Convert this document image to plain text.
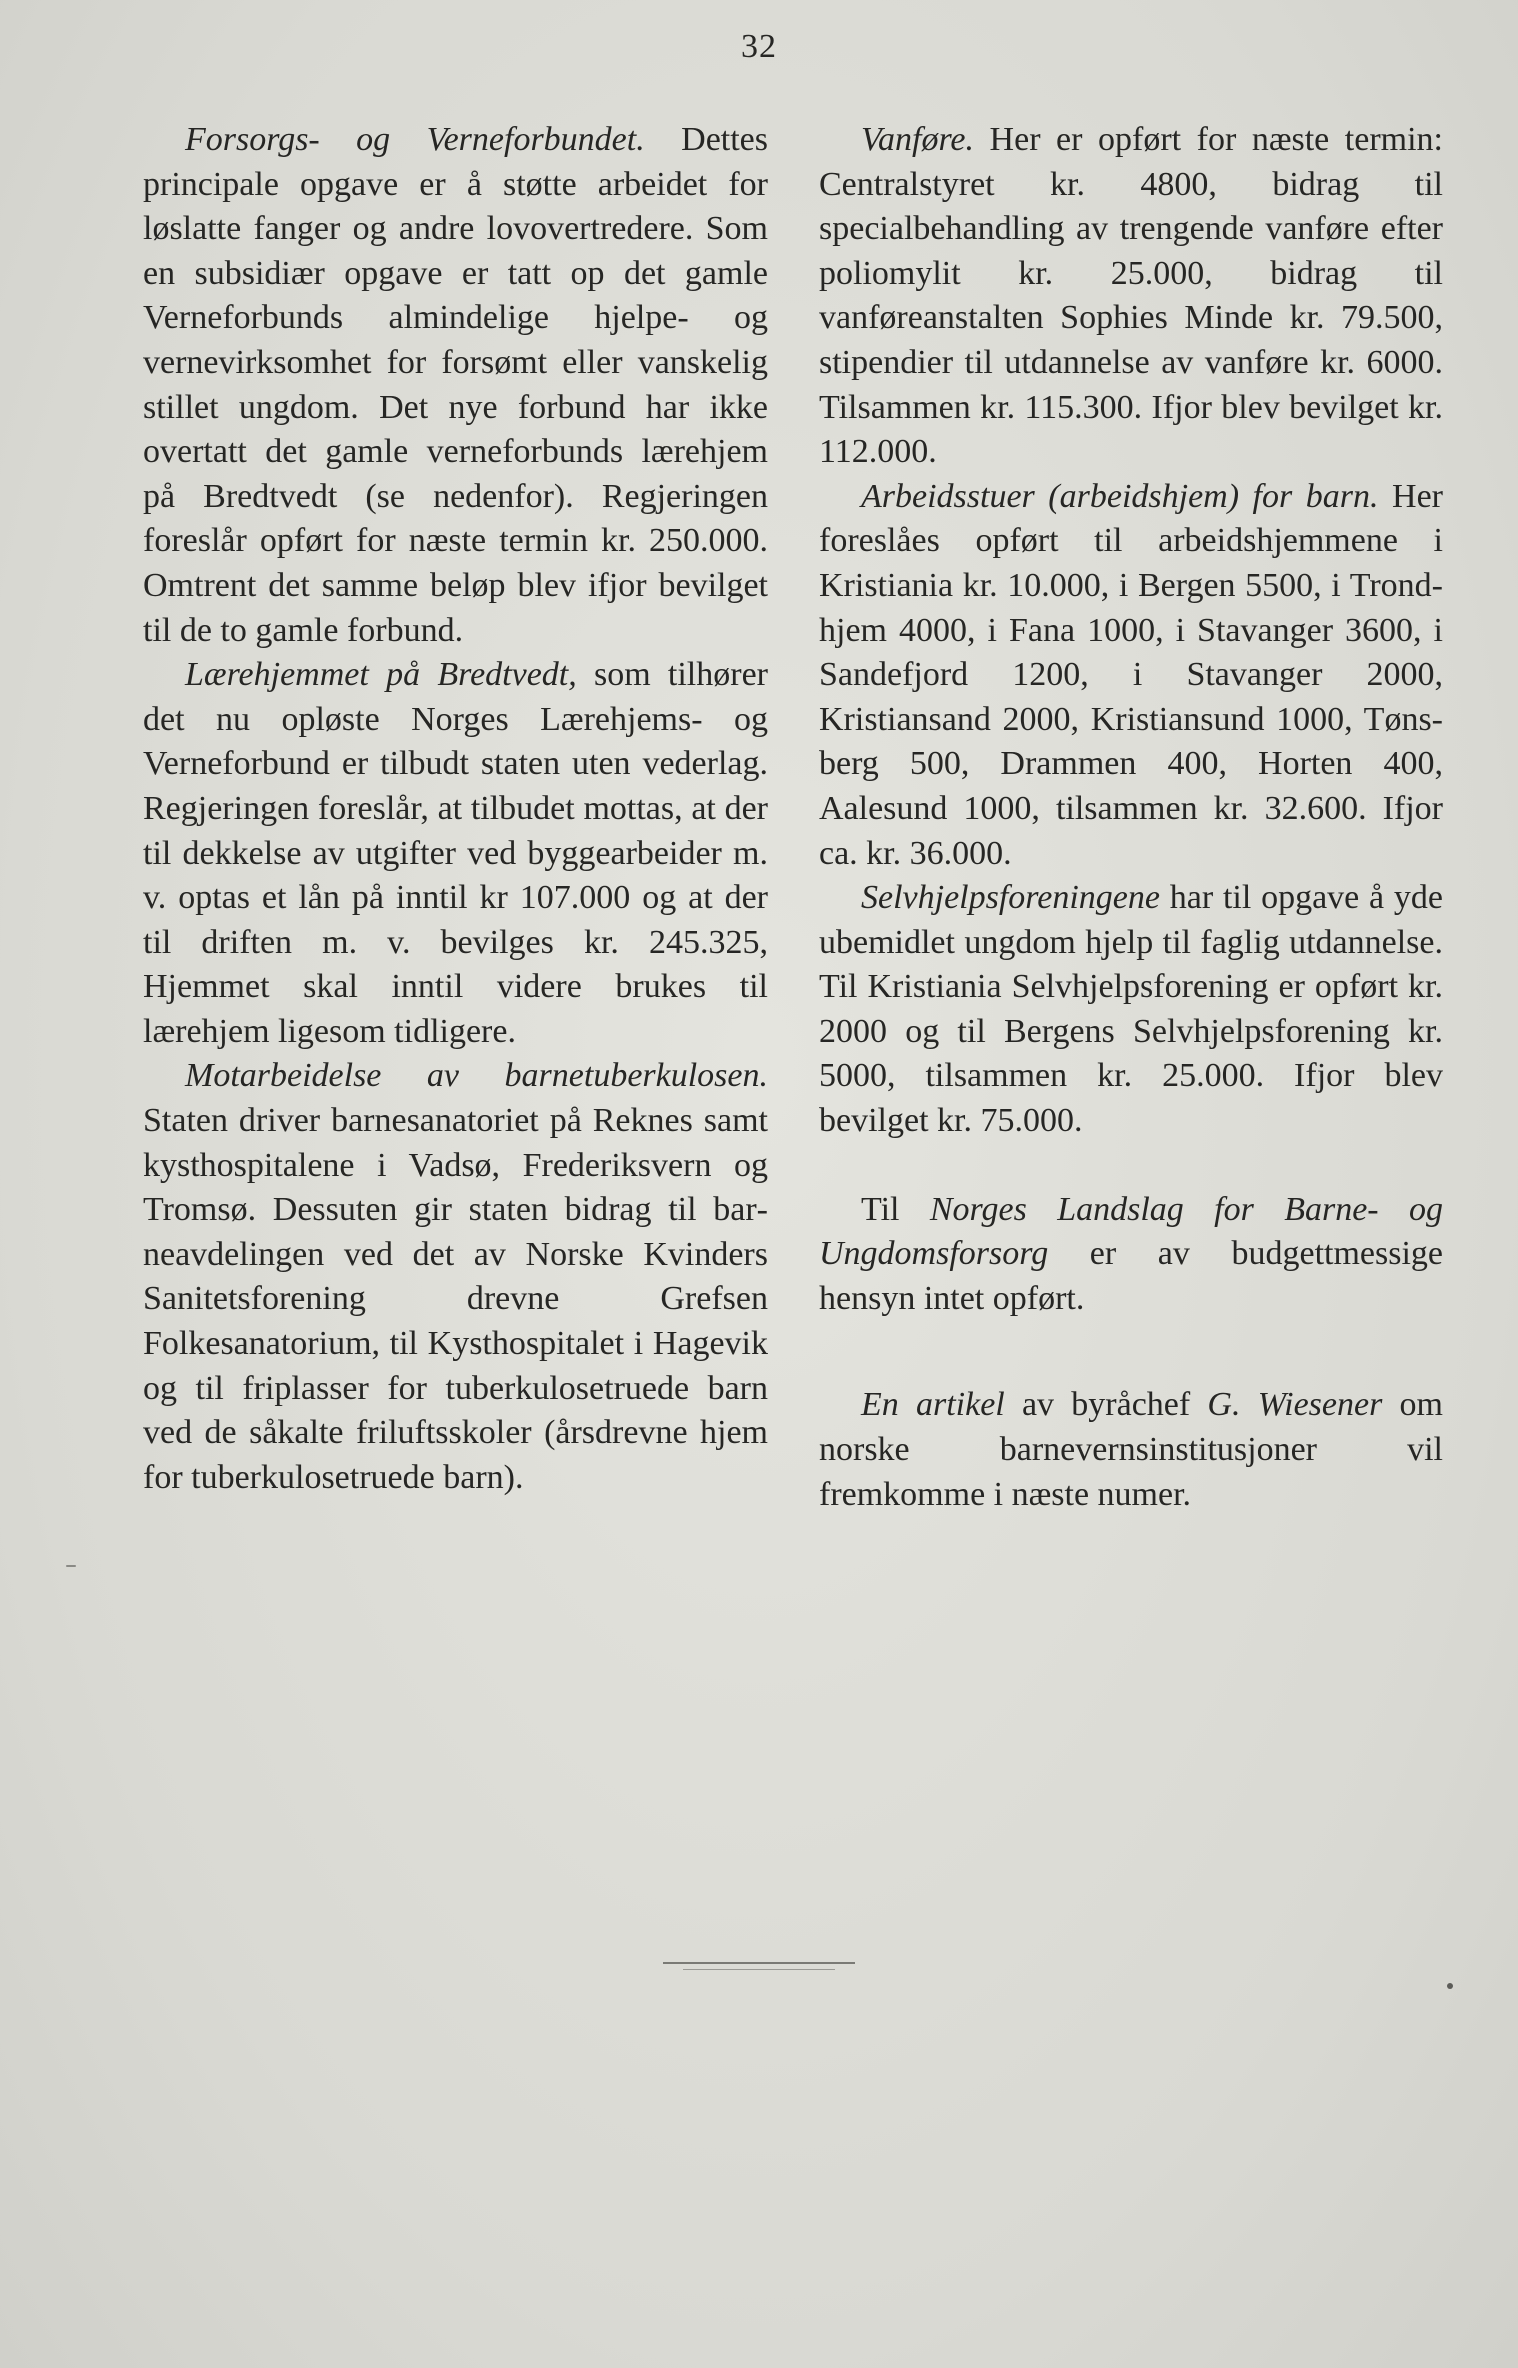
32

Forsorgs- og Verneforbundet. Dettes principale opgave er å støtte arbeidet for løslatte fanger og andre lovovertredere. Som en subsidiær opgave er tatt op det gamle Verneforbunds almindelige hjelpe- og vernevirksomhet for forsømt eller vanskelig stillet ungdom. Det nye forbund har ikke overtatt det gamle verneforbunds lærehjem på Bredtvedt (se nedenfor). Regjeringen foreslår opført for næste termin kr. 250.000. Omtrent det samme beløp blev ifjor bevilget til de to gamle forbund.

Lærehjemmet på Bredtvedt, som tilhører det nu opløste Norges Lærehjems- og Verneforbund er tilbudt staten uten vederlag. Regjeringen foreslår, at tilbudet mottas, at der til dekkelse av utgifter ved byggearbeider m. v. optas et lån på inntil kr 107.000 og at der til driften m. v. bevilges kr. 245.325, Hjemmet skal inntil videre brukes til lærehjem ligesom tidligere.

Motarbeidelse av barnetuberkulosen. Staten driver barnesanatoriet på Reknes samt kysthospitalene i Vadsø, Frederiksvern og Tromsø. Dessuten gir staten bidrag til barneavdelingen ved det av Norske Kvinders Sanitetsforening drevne Grefsen Folkesanatorium, til Kysthospitalet i Hagevik og til friplasser for tuberkulosetruede barn ved de såkalte friluftsskoler (årsdrevne hjem for tuberkulosetruede barn).

Vanføre. Her er opført for næste termin: Centralstyret kr. 4800, bidrag til specialbehandling av trengende vanføre efter poliomylit kr. 25.000, bidrag til vanføreanstalten Sophies Minde kr. 79.500, stipendier til utdannelse av vanføre kr. 6000. Tilsammen kr. 115.300. Ifjor blev bevilget kr. 112.000.

Arbeidsstuer (arbeidshjem) for barn. Her foreslåes opført til arbeidshjemmene i Kristiania kr. 10.000, i Bergen 5500, i Trondhjem 4000, i Fana 1000, i Stavanger 3600, i Sandefjord 1200, i Stavanger 2000, Kristiansand 2000, Kristiansund 1000, Tønsberg 500, Drammen 400, Horten 400, Aalesund 1000, tilsammen kr. 32.600. Ifjor ca. kr. 36.000.

Selvhjelpsforeningene har til opgave å yde ubemidlet ungdom hjelp til faglig utdannelse. Til Kristiania Selvhjelpsforening er opført kr. 2000 og til Bergens Selvhjelpsforening kr. 5000, tilsammen kr. 25.000. Ifjor blev bevilget kr. 75.000.

Til Norges Landslag for Barne- og Ungdomsforsorg er av budgettmessige hensyn intet opført.

En artikel av byråchef G. Wiesener om norske barnevernsinstitusjoner vil fremkomme i næste numer.
